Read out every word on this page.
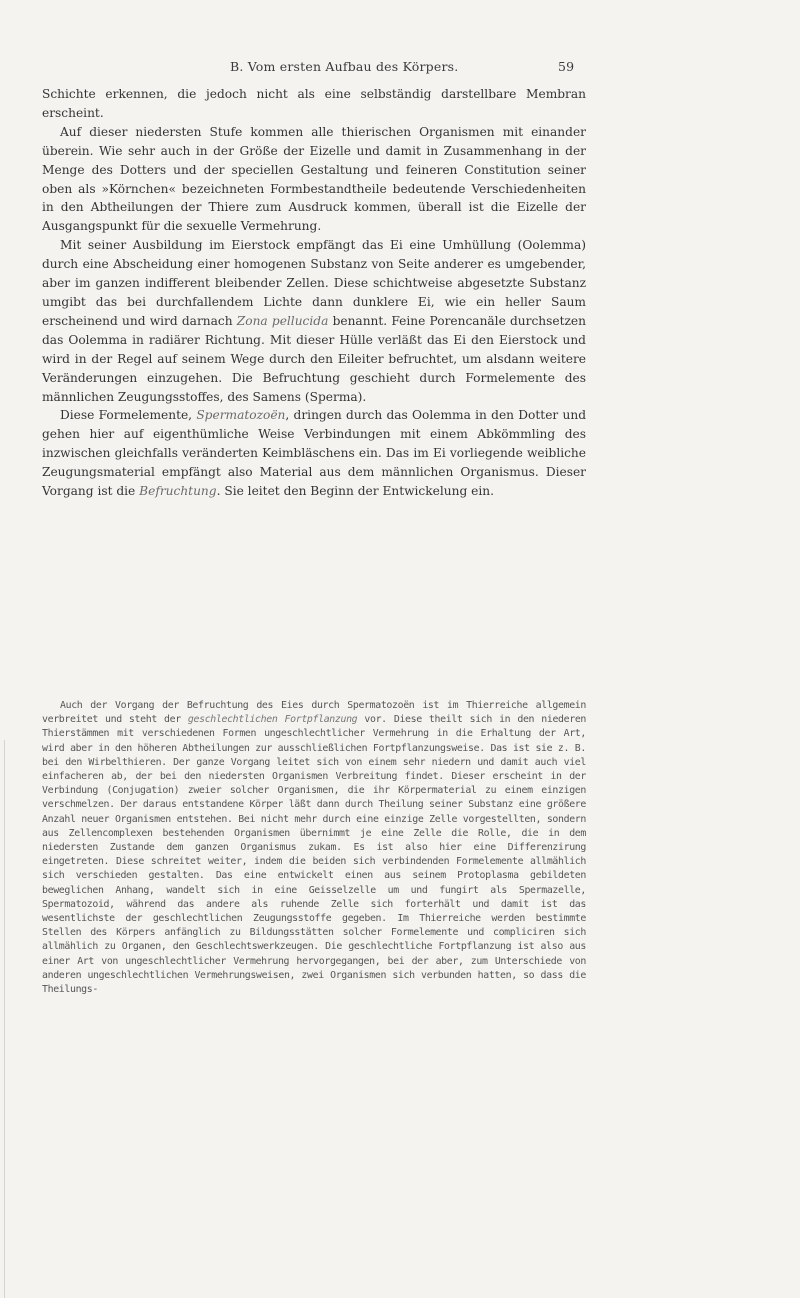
B. Vom ersten Aufbau des Körpers.	59

Schichte erkennen, die jedoch nicht als eine selbständig darstellbare Membran erscheint.

Auf dieser niedersten Stufe kommen alle thierischen Organismen mit einander überein. Wie sehr auch in der Größe der Eizelle und damit in Zusammenhang in der Menge des Dotters und der speciellen Gestaltung und feineren Constitution seiner oben als »Körnchen« bezeichneten Formbestandtheile bedeutende Verschiedenheiten in den Abtheilungen der Thiere zum Ausdruck kommen, überall ist die Eizelle der Ausgangspunkt für die sexuelle Vermehrung.

Mit seiner Ausbildung im Eierstock empfängt das Ei eine Umhüllung (Oolemma) durch eine Abscheidung einer homogenen Substanz von Seite anderer es umgebender, aber im ganzen indifferent bleibender Zellen. Diese schichtweise abgesetzte Substanz umgibt das bei durchfallendem Lichte dann dunklere Ei, wie ein heller Saum erscheinend und wird darnach Zona pellucida benannt. Feine Porencanäle durchsetzen das Oolemma in radiärer Richtung. Mit dieser Hülle verläßt das Ei den Eierstock und wird in der Regel auf seinem Wege durch den Eileiter befruchtet, um alsdann weitere Veränderungen einzugehen. Die Befruchtung geschieht durch Formelemente des männlichen Zeugungsstoffes, des Samens (Sperma).

Diese Formelemente, Spermatozoën, dringen durch das Oolemma in den Dotter und gehen hier auf eigenthümliche Weise Verbindungen mit einem Abkömmling des inzwischen gleichfalls veränderten Keimbläschens ein. Das im Ei vorliegende weibliche Zeugungsmaterial empfängt also Material aus dem männlichen Organismus. Dieser Vorgang ist die Befruchtung. Sie leitet den Beginn der Entwickelung ein.

Auch der Vorgang der Befruchtung des Eies durch Spermatozoën ist im Thierreiche allgemein verbreitet und steht der geschlechtlichen Fortpflanzung vor. Diese theilt sich in den niederen Thierstämmen mit verschiedenen Formen ungeschlechtlicher Vermehrung in die Erhaltung der Art, wird aber in den höheren Abtheilungen zur ausschließlichen Fortpflanzungsweise. Das ist sie z. B. bei den Wirbelthieren. Der ganze Vorgang leitet sich von einem sehr niedern und damit auch viel einfacheren ab, der bei den niedersten Organismen Verbreitung findet. Dieser erscheint in der Verbindung (Conjugation) zweier solcher Organismen, die ihr Körpermaterial zu einem einzigen verschmelzen. Der daraus entstandene Körper läßt dann durch Theilung seiner Substanz eine größere Anzahl neuer Organismen entstehen. Bei nicht mehr durch eine einzige Zelle vorgestellten, sondern aus Zellencomplexen bestehenden Organismen übernimmt je eine Zelle die Rolle, die in dem niedersten Zustande dem ganzen Organismus zukam. Es ist also hier eine Differenzirung eingetreten. Diese schreitet weiter, indem die beiden sich verbindenden Formelemente allmählich sich verschieden gestalten. Das eine entwickelt einen aus seinem Protoplasma gebildeten beweglichen Anhang, wandelt sich in eine Geisselzelle um und fungirt als Spermazelle, Spermatozoid, während das andere als ruhende Zelle sich forterhält und damit ist das wesentlichste der geschlechtlichen Zeugungsstoffe gegeben. Im Thierreiche werden bestimmte Stellen des Körpers anfänglich zu Bildungsstätten solcher Formelemente und compliciren sich allmählich zu Organen, den Geschlechtswerkzeugen. Die geschlechtliche Fortpflanzung ist also aus einer Art von ungeschlechtlicher Vermehrung hervorgegangen, bei der aber, zum Unterschiede von anderen ungeschlechtlichen Vermehrungsweisen, zwei Organismen sich verbunden hatten, so dass die Theilungs-
